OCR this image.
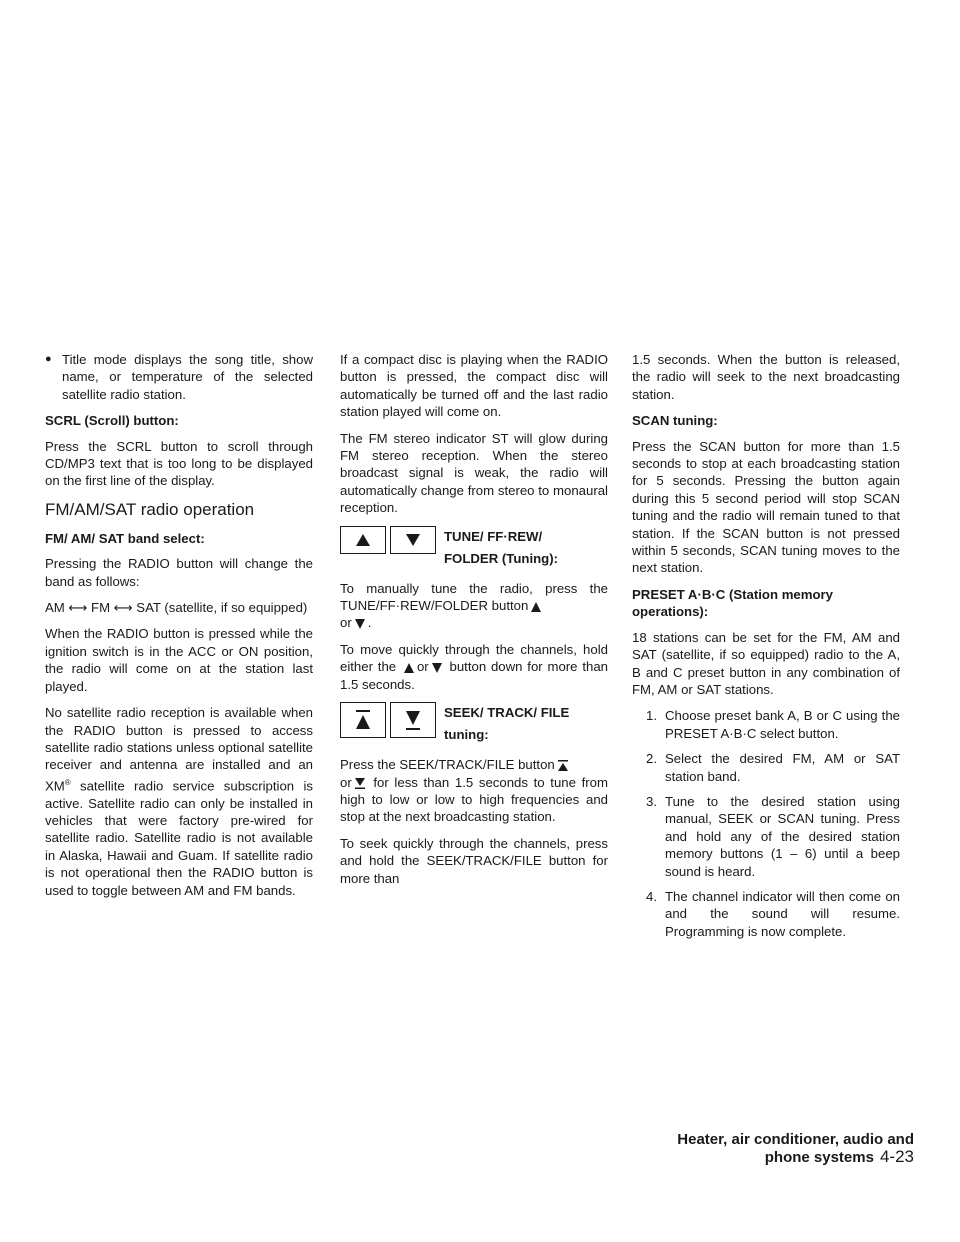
● Title mode displays the song title, show name, or temperature of the selected satellite radio station.

SCRL (Scroll) button:

Press the SCRL button to scroll through CD/MP3 text that is too long to be displayed on the first line of the display.

FM/AM/SAT radio operation

FM/ AM/ SAT band select:

Pressing the RADIO button will change the band as follows:

AM ⟷ FM ⟷ SAT (satellite, if so equipped)

When the RADIO button is pressed while the ignition switch is in the ACC or ON position, the radio will come on at the station last played.

No satellite radio reception is available when the RADIO button is pressed to access satellite radio stations unless optional satellite receiver and antenna are installed and an XM® satellite radio service subscription is active. Satellite radio can only be installed in vehicles that were factory pre-wired for satellite radio. Satellite radio is not available in Alaska, Hawaii and Guam. If satellite radio is not operational then the RADIO button is used to toggle between AM and FM bands.

If a compact disc is playing when the RADIO button is pressed, the compact disc will automatically be turned off and the last radio station played will come on.

The FM stereo indicator ST will glow during FM stereo reception. When the stereo broadcast signal is weak, the radio will automatically change from stereo to monaural reception.

TUNE/ FF·REW/ FOLDER (Tuning):

To manually tune the radio, press the TUNE/FF·REW/FOLDER button
or .

To move quickly through the channels, hold either the or button down for more than 1.5 seconds.

SEEK/ TRACK/ FILE tuning:

Press the SEEK/TRACK/FILE button
or for less than 1.5 seconds to tune from high to low or low to high frequencies and stop at the next broadcasting station.

To seek quickly through the channels, press and hold the SEEK/TRACK/FILE button for more than

1.5 seconds. When the button is released, the radio will seek to the next broadcasting station.

SCAN tuning:

Press the SCAN button for more than 1.5 seconds to stop at each broadcasting station for 5 seconds. Pressing the button again during this 5 second period will stop SCAN tuning and the radio will remain tuned to that station. If the SCAN button is not pressed within 5 seconds, SCAN tuning moves to the next station.

PRESET A·B·C (Station memory operations):

18 stations can be set for the FM, AM and SAT (satellite, if so equipped) radio to the A, B and C preset button in any combination of FM, AM or SAT stations.

1. Choose preset bank A, B or C using the PRESET A·B·C select button.
2. Select the desired FM, AM or SAT station band.
3. Tune to the desired station using manual, SEEK or SCAN tuning. Press and hold any of the desired station memory buttons (1 – 6) until a beep sound is heard.
4. The channel indicator will then come on and the sound will resume. Programming is now complete.
Heater, air conditioner, audio and phone systems 4-23
